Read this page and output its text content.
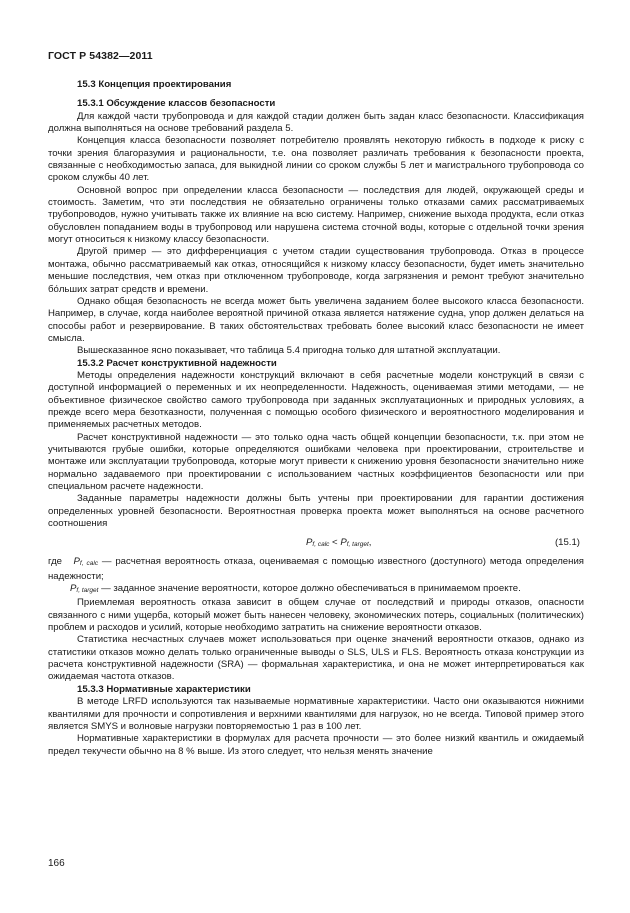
ГОСТ Р 54382—2011

15.3 Концепция проектирования

15.3.1 Обсуждение классов безопасности

Для каждой части трубопровода и для каждой стадии должен быть задан класс безопасности. Классификация должна выполняться на основе требований раздела 5.

Концепция класса безопасности позволяет потребителю проявлять некоторую гибкость в подходе к риску с точки зрения благоразумия и рациональности, т.е. она позволяет различать требования к безопасности проекта, связанные с необходимостью запаса, для выкидной линии со сроком службы 5 лет и магистрального трубопровода со сроком службы 40 лет.

Основной вопрос при определении класса безопасности — последствия для людей, окружающей среды и стоимость. Заметим, что эти последствия не обязательно ограничены только отказами самих рассматриваемых трубопроводов, нужно учитывать также их влияние на всю систему. Например, снижение выхода продукта, если отказ обусловлен попаданием воды в трубопровод или нарушена система сточной воды, которые с отдельной точки зрения могут относиться к низкому классу безопасности.

Другой пример — это дифференциация с учетом стадии существования трубопровода. Отказ в процессе монтажа, обычно рассматриваемый как отказ, относящийся к низкому классу безопасности, будет иметь значительно меньшие последствия, чем отказ при отключенном трубопроводе, когда загрязнения и ремонт требуют значительно бо́льших затрат средств и времени.

Однако общая безопасность не всегда может быть увеличена заданием более высокого класса безопасности. Например, в случае, когда наиболее вероятной причиной отказа является натяжение судна, упор должен делаться на способы работ и резервирование. В таких обстоятельствах требовать более высокий класс безопасности не имеет смысла.

Вышесказанное ясно показывает, что таблица 5.4 пригодна только для штатной эксплуатации.

15.3.2 Расчет конструктивной надежности

Методы определения надежности конструкций включают в себя расчетные модели конструкций в связи с доступной информацией о переменных и их неопределенности. Надежность, оцениваемая этими методами, — не объективное физическое свойство самого трубопровода при заданных эксплуатационных и природных условиях, а прежде всего мера безотказности, полученная с помощью особого физического и вероятностного моделирования и применяемых расчетных методов.

Расчет конструктивной надежности — это только одна часть общей концепции безопасности, т.к. при этом не учитываются грубые ошибки, которые определяются ошибками человека при проектировании, строительстве и монтаже или эксплуатации трубопровода, которые могут привести к снижению уровня безопасности значительно ниже нормально задаваемого при проектировании с использованием частных коэффициентов безопасности или при специальном расчете надежности.

Заданные параметры надежности должны быть учтены при проектировании для гарантии достижения определенных уровней безопасности. Вероятностная проверка проекта может выполняться на основе расчетного соотношения

$P_{f, calc} < P_{f, target}$,	(15.1)

где $P_{f, calc}$ — расчетная вероятность отказа, оцениваемая с помощью известного (доступного) метода определения надежности;

$P_{f, target}$ — заданное значение вероятности, которое должно обеспечиваться в принимаемом проекте.

Приемлемая вероятность отказа зависит в общем случае от последствий и природы отказов, опасности связанного с ними ущерба, который может быть нанесен человеку, экономических потерь, социальных (политических) проблем и расходов и усилий, которые необходимо затратить на снижение вероятности отказов.

Статистика несчастных случаев может использоваться при оценке значений вероятности отказов, однако из статистики отказов можно делать только ограниченные выводы о SLS, ULS и FLS. Вероятность отказа конструкции из расчета конструктивной надежности (SRA) — формальная характеристика, и она не может интерпретироваться как ожидаемая частота отказов.

15.3.3 Нормативные характеристики

В методе LRFD используются так называемые нормативные характеристики. Часто они оказываются нижними квантилями для прочности и сопротивления и верхними квантилями для нагрузок, но не всегда. Типовой пример этого является SMYS и волновые нагрузки повторяемостью 1 раз в 100 лет.

Нормативные характеристики в формулах для расчета прочности — это более низкий квантиль и ожидаемый предел текучести обычно на 8 % выше. Из этого следует, что нельзя менять значение

166
